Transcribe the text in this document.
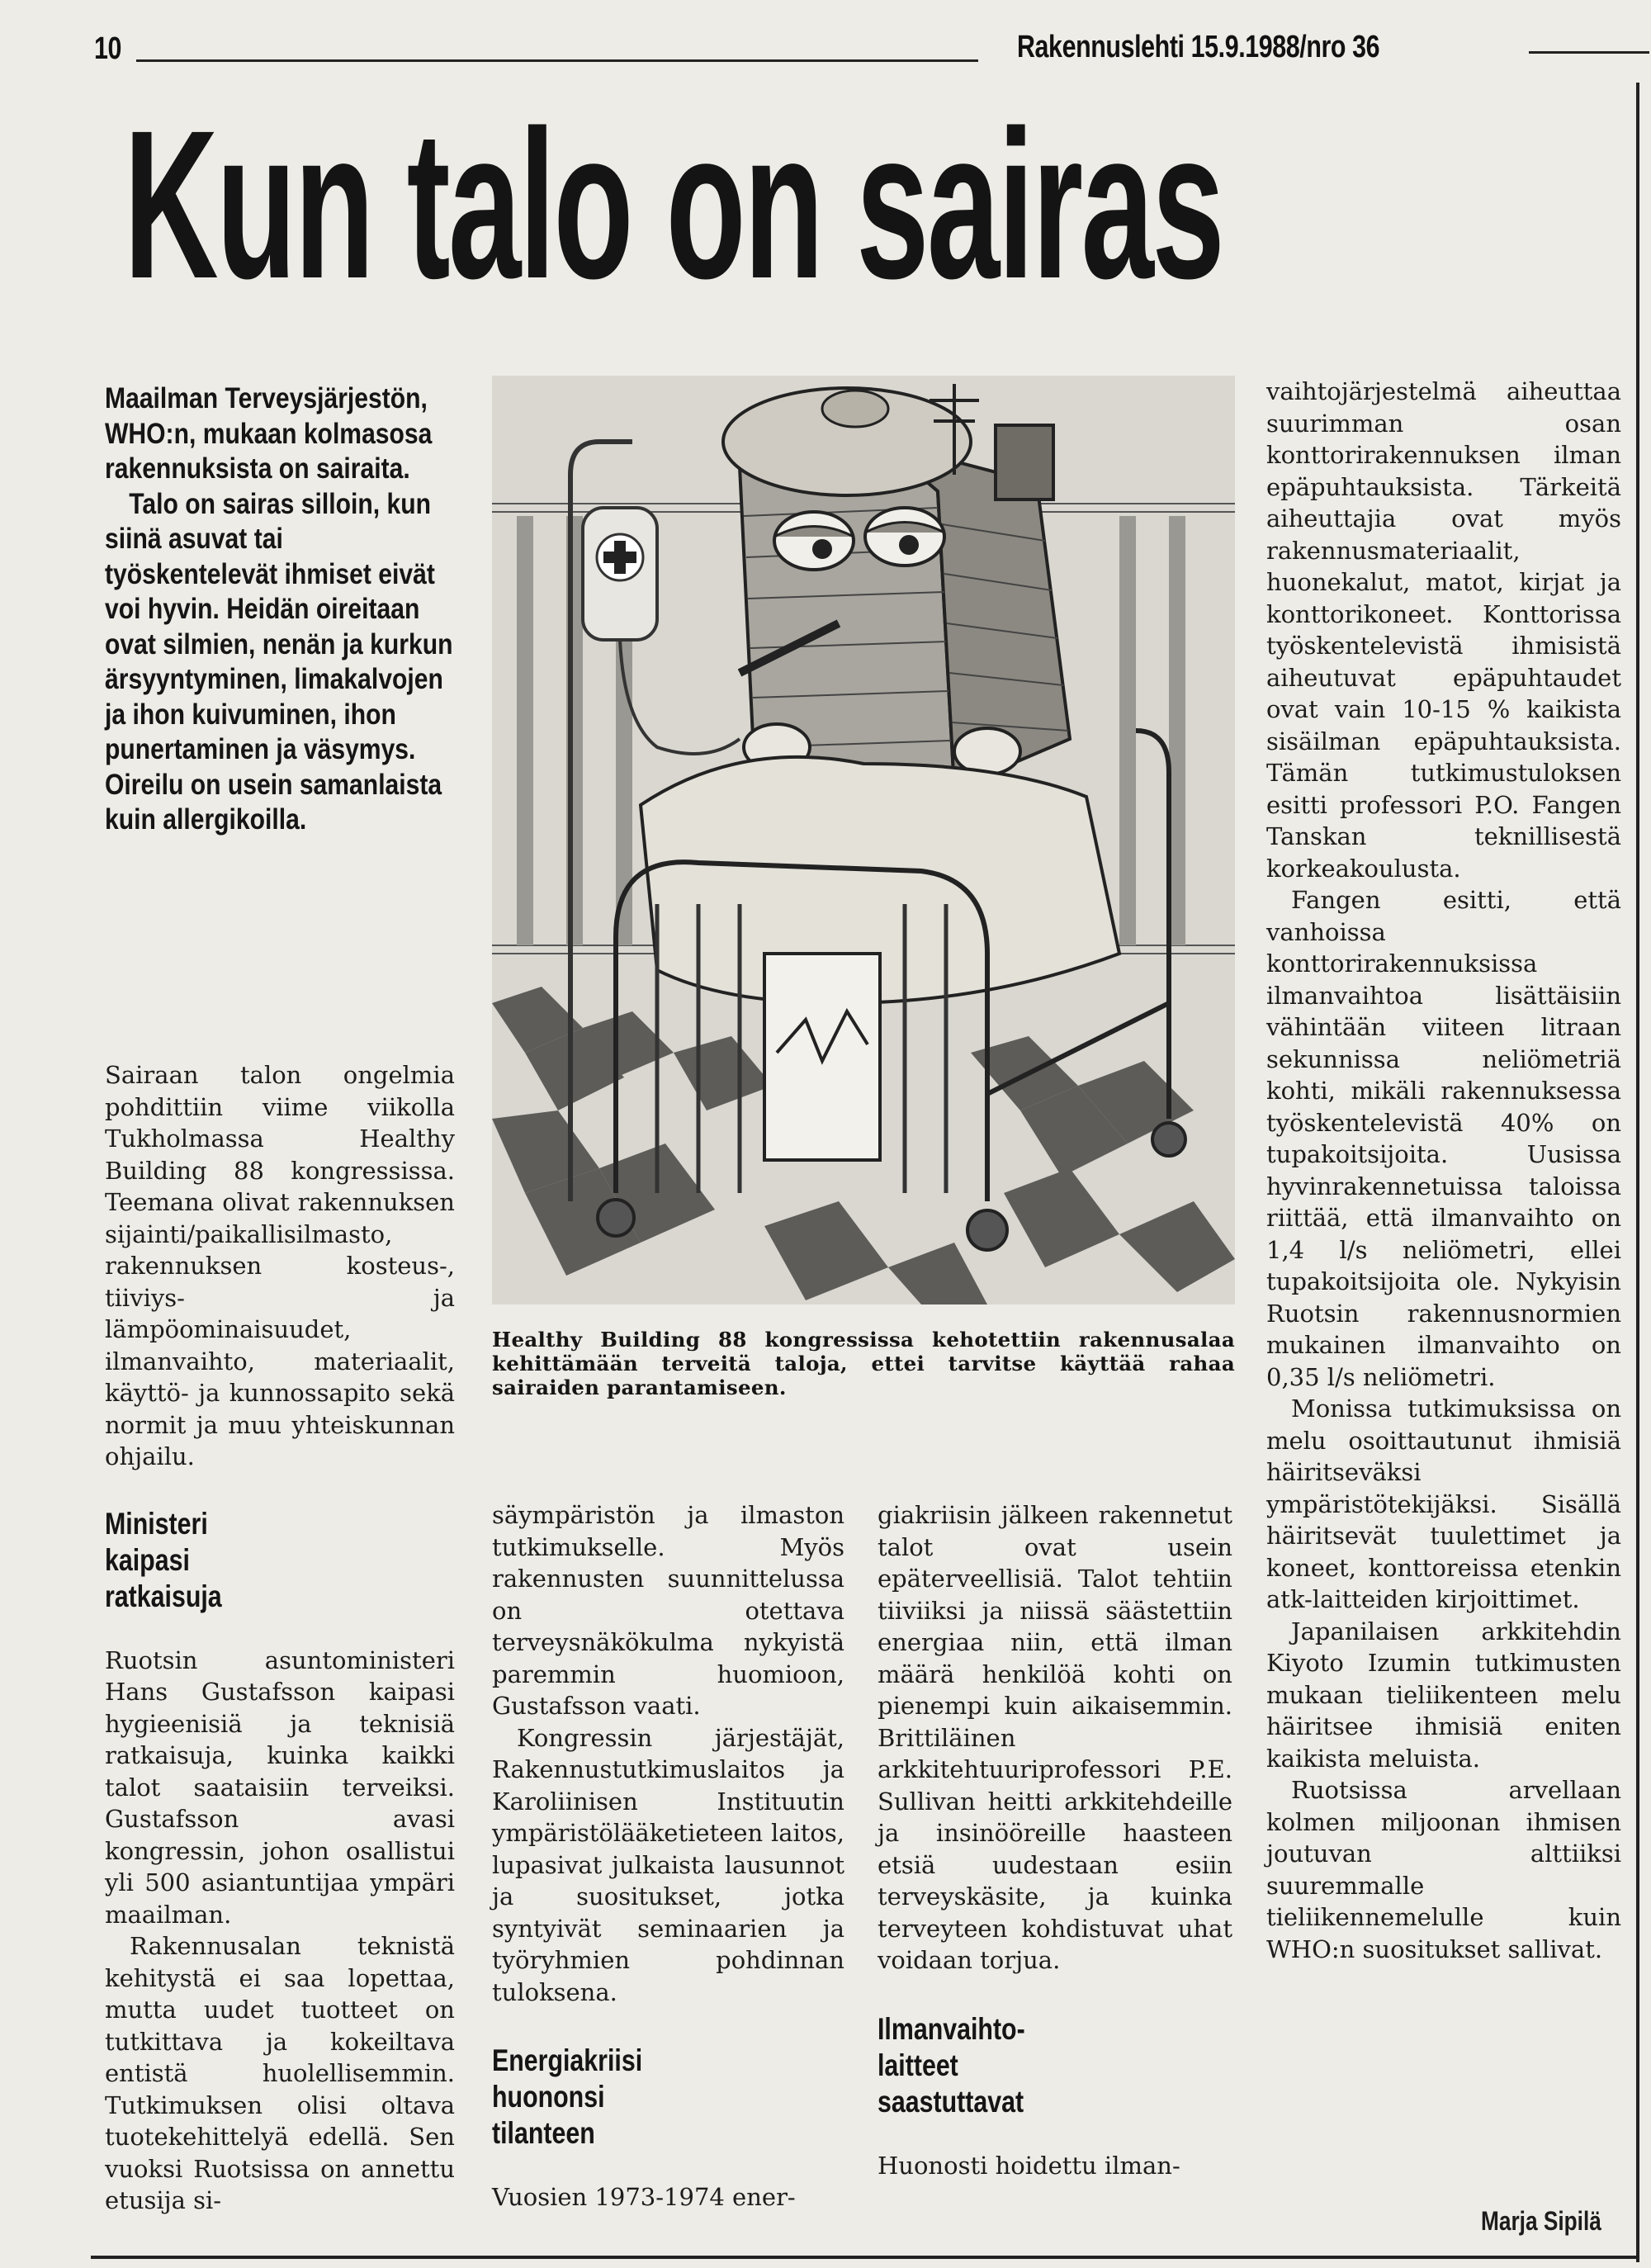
10	Rakennuslehti 15.9.1988/nro 36
Kun talo on sairas

Maailman Terveysjärjestön, WHO:n, mukaan kolmasosa rakennuksista on sairaita.

Talo on sairas silloin, kun siinä asuvat tai työskentelevät ihmiset eivät voi hyvin. Heidän oireitaan ovat silmien, nenän ja kurkun ärsyyntyminen, limakalvojen ja ihon kuivuminen, ihon punertaminen ja väsymys. Oireilu on usein samanlaista kuin allergikoilla.

Sairaan talon ongelmia pohdittiin viime viikolla Tukholmassa Healthy Building 88 kongressissa. Teemana olivat rakennuksen sijainti/paikallisilmasto, rakennuksen kosteus-, tiiviys- ja lämpöominaisuudet, ilmanvaihto, materiaalit, käyttö- ja kunnossapito sekä normit ja muu yhteiskunnan ohjailu.

Ministeri
kaipasi
ratkaisuja

Ruotsin asuntoministeri Hans Gustafsson kaipasi hygieenisiä ja teknisiä ratkaisuja, kuinka kaikki talot saataisiin terveiksi. Gustafsson avasi kongressin, johon osallistui yli 500 asiantuntijaa ympäri maailman.

Rakennusalan teknistä kehitystä ei saa lopettaa, mutta uudet tuotteet on tutkittava ja kokeiltava entistä huolellisemmin. Tutkimuksen olisi oltava tuotekehittelyä edellä. Sen vuoksi Ruotsissa on annettu etusija si-

Healthy Building 88 kongressissa kehotettiin rakennusalaa kehittämään terveitä taloja, ettei tarvitse käyttää rahaa sairaiden parantamiseen.

säympäristön ja ilmaston tutkimukselle. Myös rakennusten suunnittelussa on otettava terveysnäkökulma nykyistä paremmin huomioon, Gustafsson vaati.

Kongressin järjestäjät, Rakennustutkimuslaitos ja Karoliinisen Instituutin ympäristölääketieteen laitos, lupasivat julkaista lausunnot ja suositukset, jotka syntyivät seminaarien ja työryhmien pohdinnan tuloksena.

Energiakriisi
huononsi
tilanteen

Vuosien 1973-1974 ener-

giakriisin jälkeen rakennetut talot ovat usein epäterveellisiä. Talot tehtiin tiiviiksi ja niissä säästettiin energiaa niin, että ilman määrä henkilöä kohti on pienempi kuin aikaisemmin. Brittiläinen arkkitehtuuriprofessori P.E. Sullivan heitti arkkitehdeille ja insinööreille haasteen etsiä uudestaan esiin terveyskäsite, ja kuinka terveyteen kohdistuvat uhat voidaan torjua.

Ilmanvaihto-
laitteet
saastuttavat

Huonosti hoidettu ilman-

vaihtojärjestelmä aiheuttaa suurimman osan konttorirakennuksen ilman epäpuhtauksista. Tärkeitä aiheuttajia ovat myös rakennusmateriaalit, huonekalut, matot, kirjat ja konttorikoneet. Konttorissa työskentelevistä ihmisistä aiheutuvat epäpuhtaudet ovat vain 10-15 % kaikista sisäilman epäpuhtauksista. Tämän tutkimustuloksen esitti professori P.O. Fangen Tanskan teknillisestä korkeakoulusta.

Fangen esitti, että vanhoissa konttorirakennuksissa ilmanvaihtoa lisättäisiin vähintään viiteen litraan sekunnissa neliömetriä kohti, mikäli rakennuksessa työskentelevistä 40% on tupakoitsijoita. Uusissa hyvinrakennetuissa taloissa riittää, että ilmanvaihto on 1,4 l/s neliömetri, ellei tupakoitsijoita ole. Nykyisin Ruotsin rakennusnormien mukainen ilmanvaihto on 0,35 l/s neliömetri.

Monissa tutkimuksissa on melu osoittautunut ihmisiä häiritseväksi ympäristötekijäksi. Sisällä häiritsevät tuulettimet ja koneet, konttoreissa etenkin atk-laitteiden kirjoittimet.

Japanilaisen arkkitehdin Kiyoto Izumin tutkimusten mukaan tieliikenteen melu häiritsee ihmisiä eniten kaikista meluista.

Ruotsissa arvellaan kolmen miljoonan ihmisen joutuvan alttiiksi suuremmalle tieliikennemelulle kuin WHO:n suositukset sallivat.

Marja Sipilä
